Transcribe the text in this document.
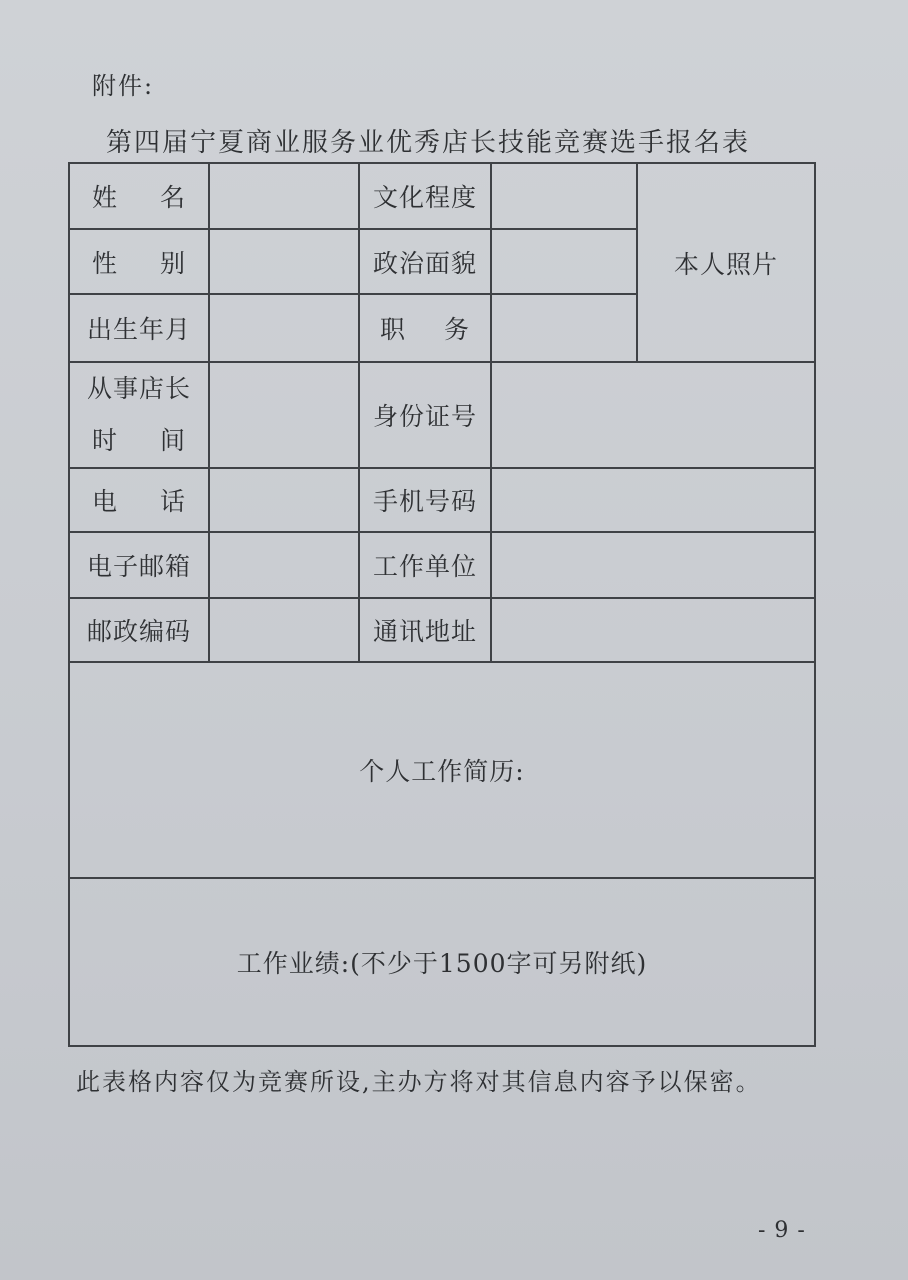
附件:
第四届宁夏商业服务业优秀店长技能竞赛选手报名表
姓名		文化程度		本人照片
性别		政治面貌		
出生年月		职务		

从事店长
时间		身份证号		
电话		手机号码		
电子邮箱		工作单位		
邮政编码		通讯地址		
个人工作简历:				
工作业绩:(不少于1500字可另附纸)				
此表格内容仅为竞赛所设,主办方将对其信息内容予以保密。
- 9 -
